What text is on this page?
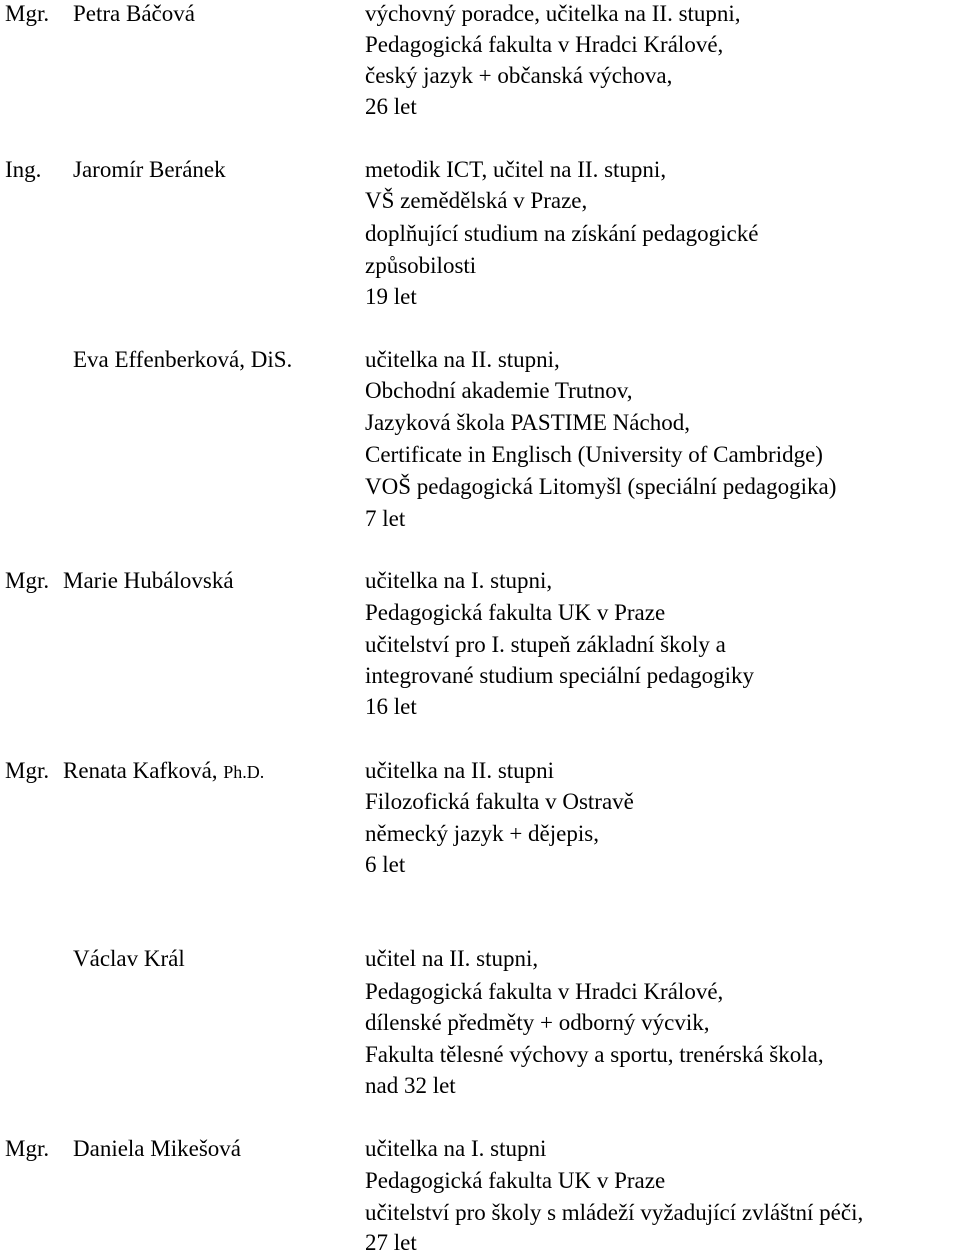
Mgr. Petra Báčová	výchovný poradce, učitelka na II. stupni,
Pedagogická fakulta v Hradci Králové,
český jazyk + občanská výchova,
26 let
Ing. Jaromír Beránek	metodik ICT, učitel na II. stupni,
VŠ zemědělská v Praze,
doplňující studium na získání pedagogické
způsobilosti
19 let
Eva Effenberková, DiS.	učitelka na II. stupni,
Obchodní akademie Trutnov,
Jazyková škola PASTIME Náchod,
Certificate in Englisch (University of Cambridge)
VOŠ pedagogická Litomyšl (speciální pedagogika)
7 let
Mgr. Marie Hubálovská	učitelka na I. stupni,
Pedagogická fakulta UK v Praze
učitelství pro I. stupeň základní školy a
integrované studium speciální pedagogiky
16 let
Mgr. Renata Kafková, Ph.D.	učitelka na II. stupni
Filozofická fakulta v Ostravě
německý jazyk + dějepis,
6 let
Václav Král	učitel na II. stupni,
Pedagogická fakulta v Hradci Králové,
dílenské předměty + odborný výcvik,
Fakulta tělesné výchovy a sportu, trenérská škola,
nad 32 let
Mgr. Daniela Mikešová	učitelka na I. stupni
Pedagogická fakulta UK v Praze
učitelství pro školy s mládeží vyžadující zvláštní péči,
27 let
